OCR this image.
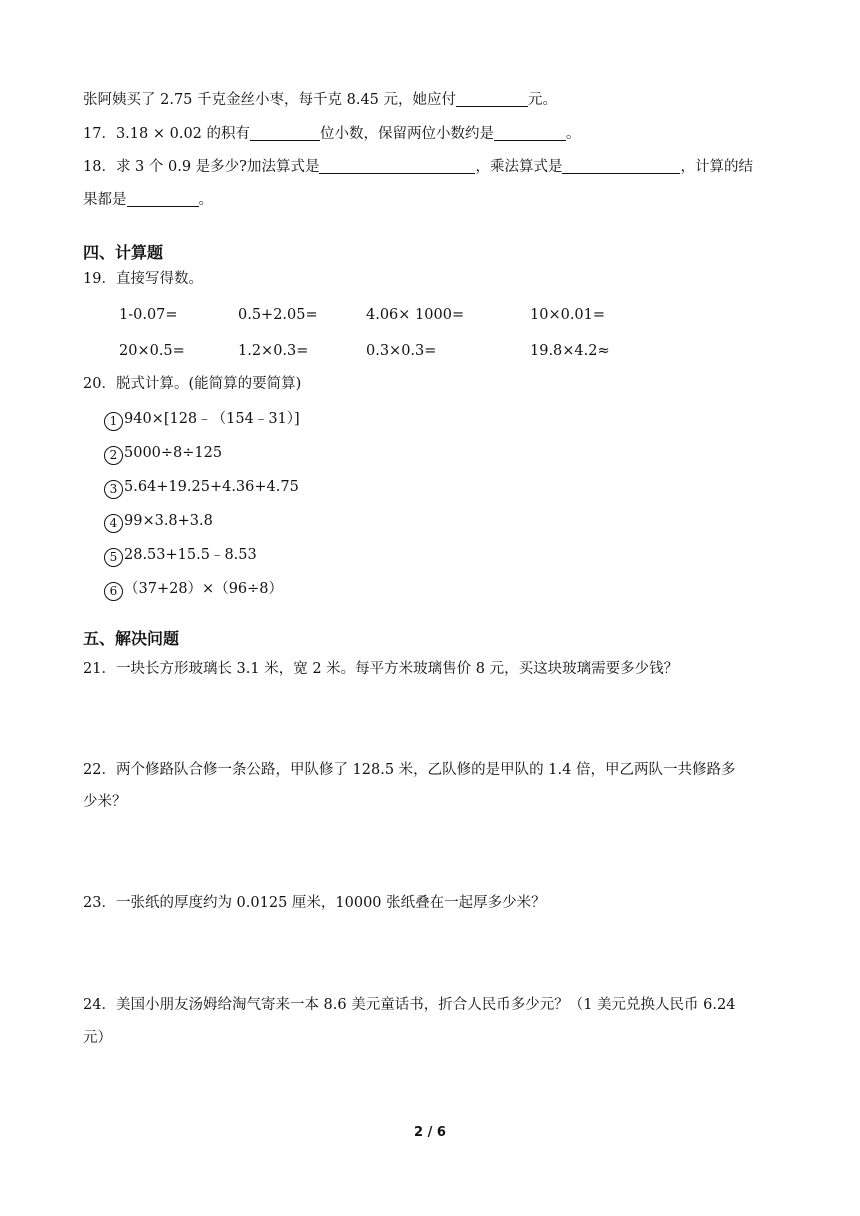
张阿姨买了 2.75 千克金丝小枣，每千克 8.45 元，她应付	元。
17．3.18 × 0.02 的积有	位小数，保留两位小数约是	。
18．求 3 个 0.9 是多少?加法算式是	，乘法算式是	，计算的结
果都是	。
四、计算题
19．直接写得数。
1-0.07=	0.5+2.05=	4.06× 1000=	10×0.01=
20×0.5=	1.2×0.3=	0.3×0.3=	19.8×4.2≈
20．脱式计算。(能简算的要简算)
1 940×[128﹣（154﹣31）]
2 5000÷8÷125
3 5.64+19.25+4.36+4.75
4 99×3.8+3.8
5 28.53+15.5﹣8.53
6 （37+28）×（96÷8）
五、解决问题
21．一块长方形玻璃长 3.1 米，宽 2 米。每平方米玻璃售价 8 元，买这块玻璃需要多少钱？
22．两个修路队合修一条公路，甲队修了 128.5 米，乙队修的是甲队的 1.4 倍，甲乙两队一共修路多
少米？
23．一张纸的厚度约为 0.0125 厘米，10000 张纸叠在一起厚多少米？
24．美国小朋友汤姆给淘气寄来一本 8.6 美元童话书，折合人民币多少元？（1 美元兑换人民币 6.24
元）
2 / 6
